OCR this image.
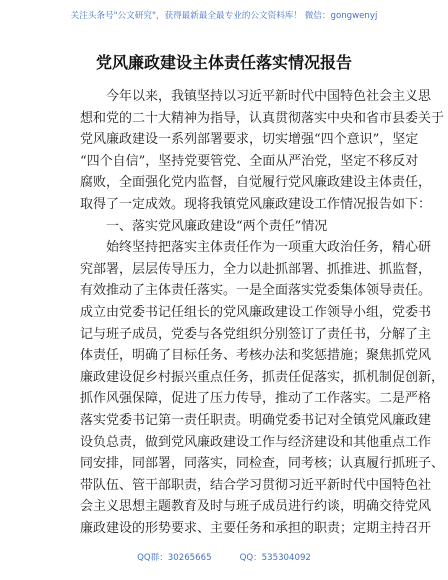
关注头条号"公文研究"，获得最新最全最专业的公文资料库！ 微信：gongwenyj
党风廉政建设主体责任落实情况报告
今年以来，我镇坚持以习近平新时代中国特色社会主义思
想和党的二十大精神为指导，认真贯彻落实中央和省市县委关于
党风廉政建设一系列部署要求，切实增强“四个意识”，坚定
“四个自信”，坚持党要管党、全面从严治党，坚定不移反对
腐败，全面强化党内监督，自觉履行党风廉政建设主体责任，
取得了一定成效。现将我镇党风廉政建设工作情况报告如下：
一、落实党风廉政建设“两个责任”情况
始终坚持把落实主体责任作为一项重大政治任务，精心研
究部署，层层传导压力，全力以赴抓部署、抓推进、抓监督，
有效推动了主体责任落实。一是全面落实党委集体领导责任。
成立由党委书记任组长的党风廉政建设工作领导小组，党委书
记与班子成员，党委与各党组织分别签订了责任书，分解了主
体责任，明确了目标任务、考核办法和奖惩措施；聚焦抓党风
廉政建设促乡村振兴重点任务，抓责任促落实，抓机制促创新，
抓作风强保障，促进了压力传导，推动了工作落实。二是严格
落实党委书记第一责任职责。明确党委书记对全镇党风廉政建
设负总责，做到党风廉政建设工作与经济建设和其他重点工作
同安排，同部署，同落实，同检查，同考核；认真履行抓班子、
带队伍、管干部职责，结合学习贯彻习近平新时代中国特色社
会主义思想主题教育及时与班子成员进行约谈，明确交待党风
廉政建设的形势要求、主要任务和承担的职责；定期主持召开
QQ群：30265665	QQ：535304092
